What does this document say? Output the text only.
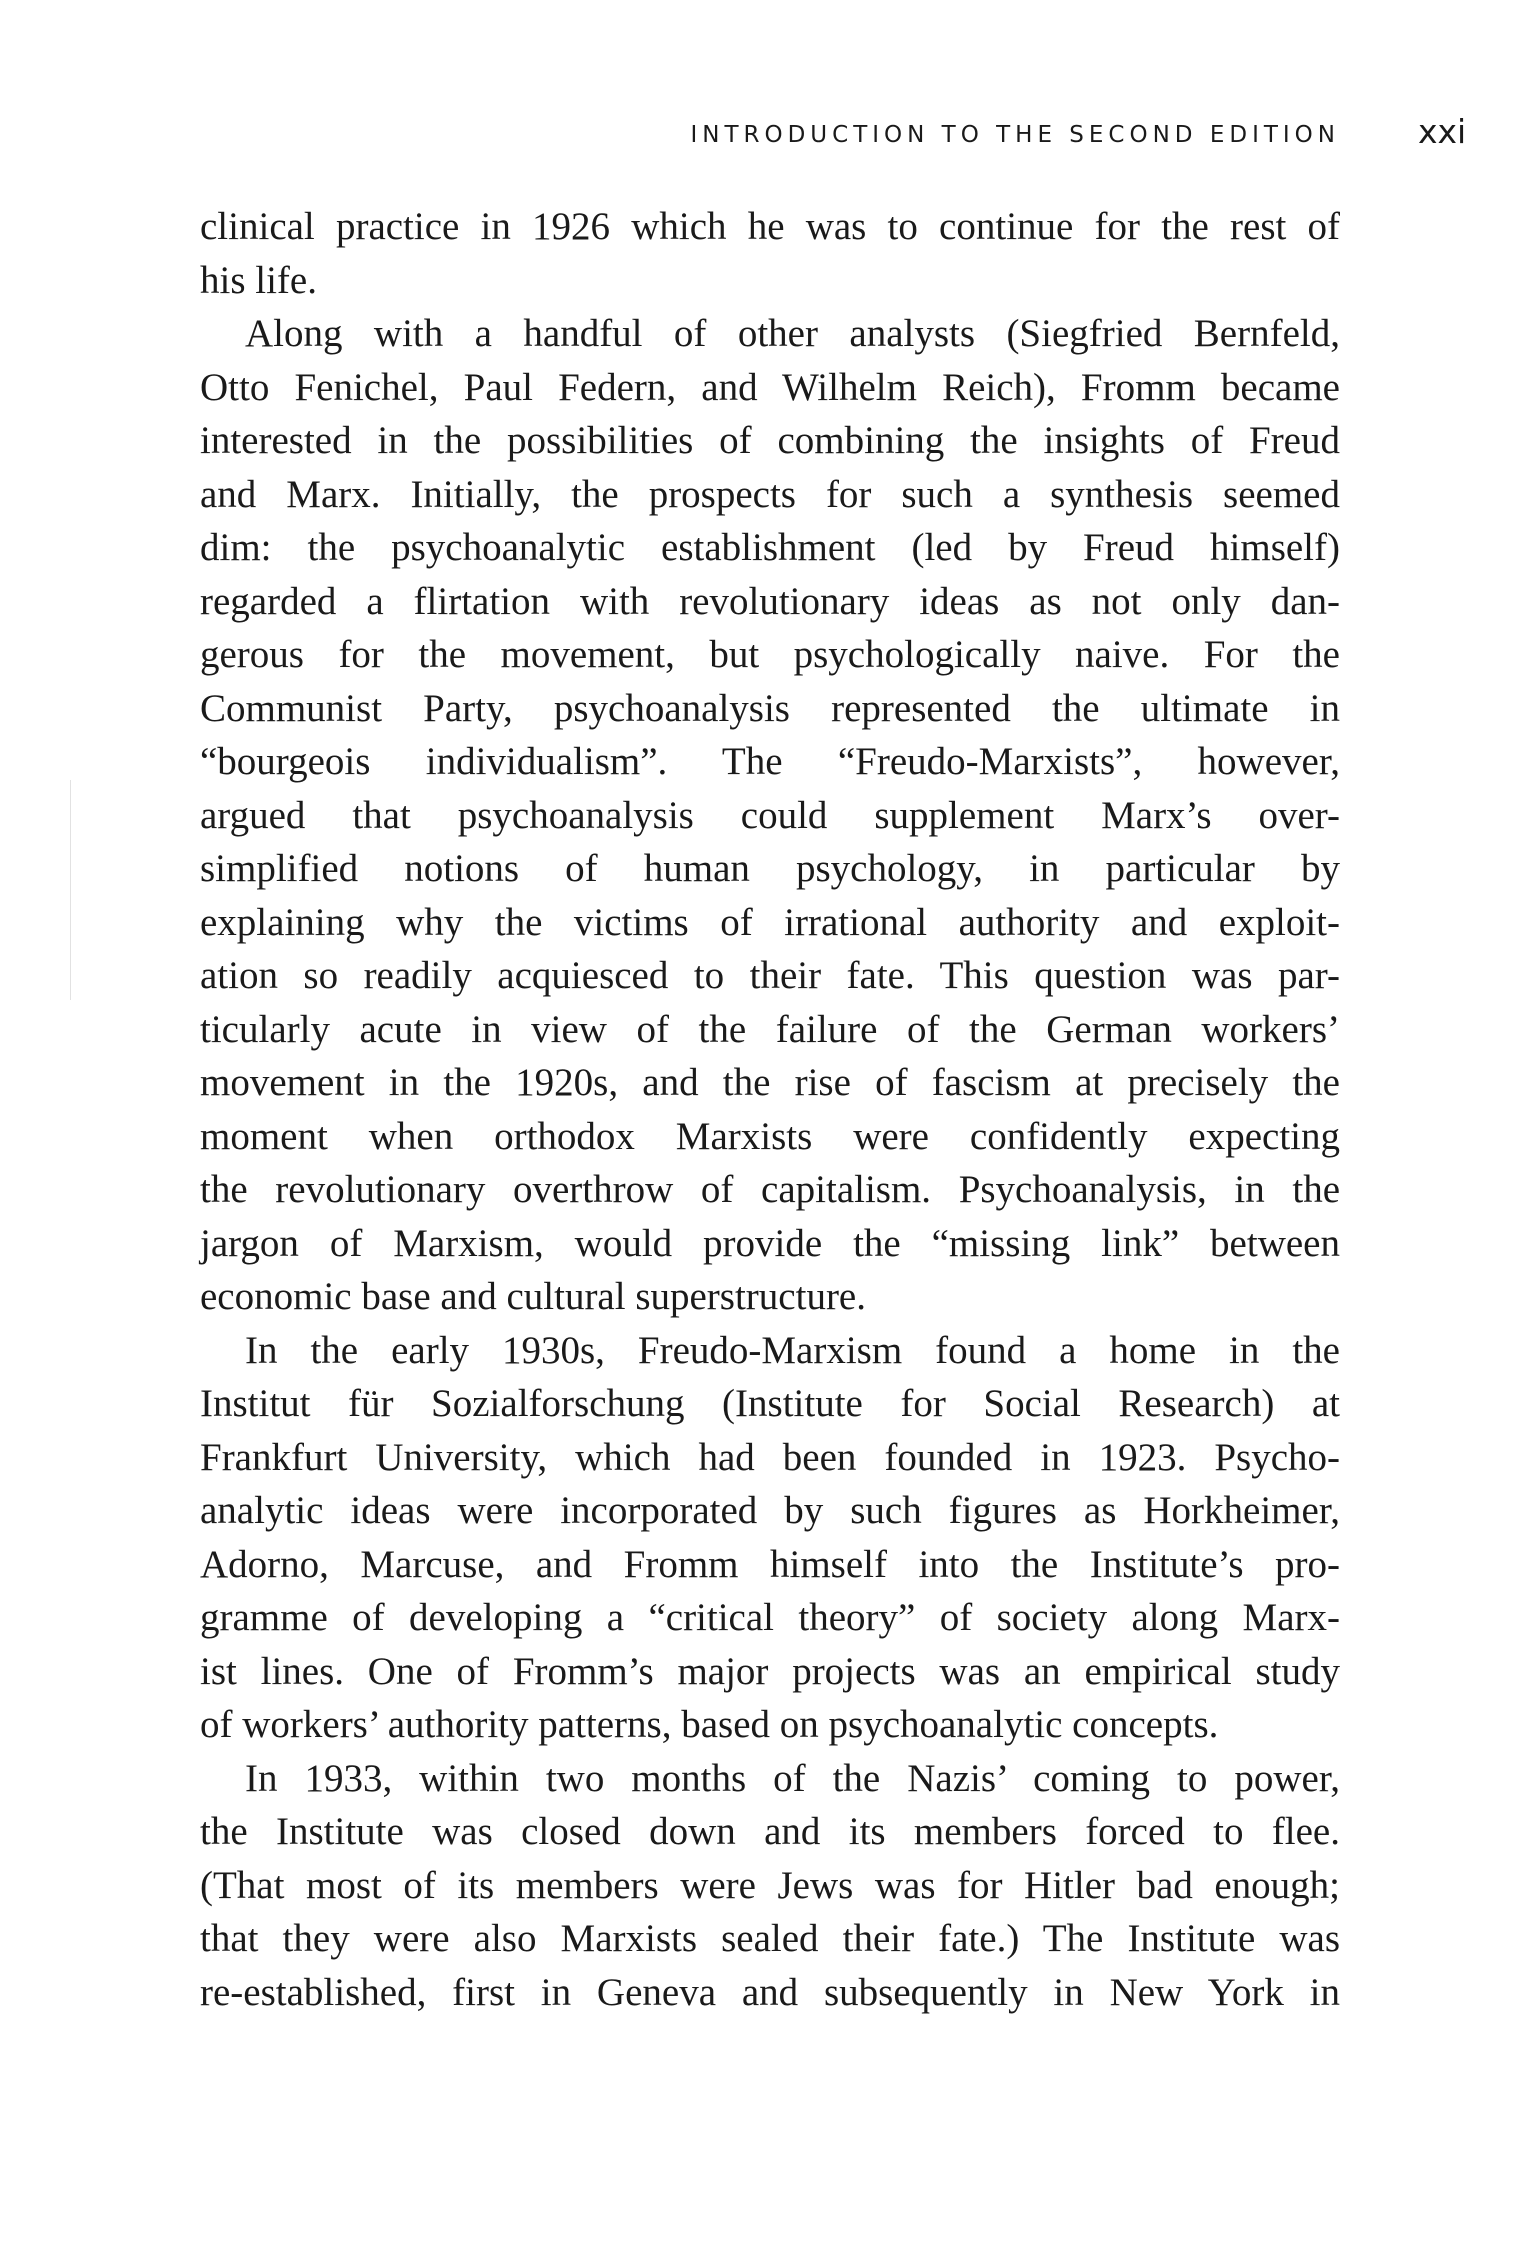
INTRODUCTION TO THE SECOND EDITION xxi
clinical practice in 1926 which he was to continue for the rest of
his life.
Along with a handful of other analysts (Siegfried Bernfeld,
Otto Fenichel, Paul Federn, and Wilhelm Reich), Fromm became
interested in the possibilities of combining the insights of Freud
and Marx. Initially, the prospects for such a synthesis seemed
dim: the psychoanalytic establishment (led by Freud himself)
regarded a flirtation with revolutionary ideas as not only dan-
gerous for the movement, but psychologically naive. For the
Communist Party, psychoanalysis represented the ultimate in
“bourgeois individualism”. The “Freudo-Marxists”, however,
argued that psychoanalysis could supplement Marx’s over-
simplified notions of human psychology, in particular by
explaining why the victims of irrational authority and exploit-
ation so readily acquiesced to their fate. This question was par-
ticularly acute in view of the failure of the German workers’
movement in the 1920s, and the rise of fascism at precisely the
moment when orthodox Marxists were confidently expecting
the revolutionary overthrow of capitalism. Psychoanalysis, in the
jargon of Marxism, would provide the “missing link” between
economic base and cultural superstructure.
In the early 1930s, Freudo-Marxism found a home in the
Institut für Sozialforschung (Institute for Social Research) at
Frankfurt University, which had been founded in 1923. Psycho-
analytic ideas were incorporated by such figures as Horkheimer,
Adorno, Marcuse, and Fromm himself into the Institute’s pro-
gramme of developing a “critical theory” of society along Marx-
ist lines. One of Fromm’s major projects was an empirical study
of workers’ authority patterns, based on psychoanalytic concepts.
In 1933, within two months of the Nazis’ coming to power,
the Institute was closed down and its members forced to flee.
(That most of its members were Jews was for Hitler bad enough;
that they were also Marxists sealed their fate.) The Institute was
re-established, first in Geneva and subsequently in New York in
